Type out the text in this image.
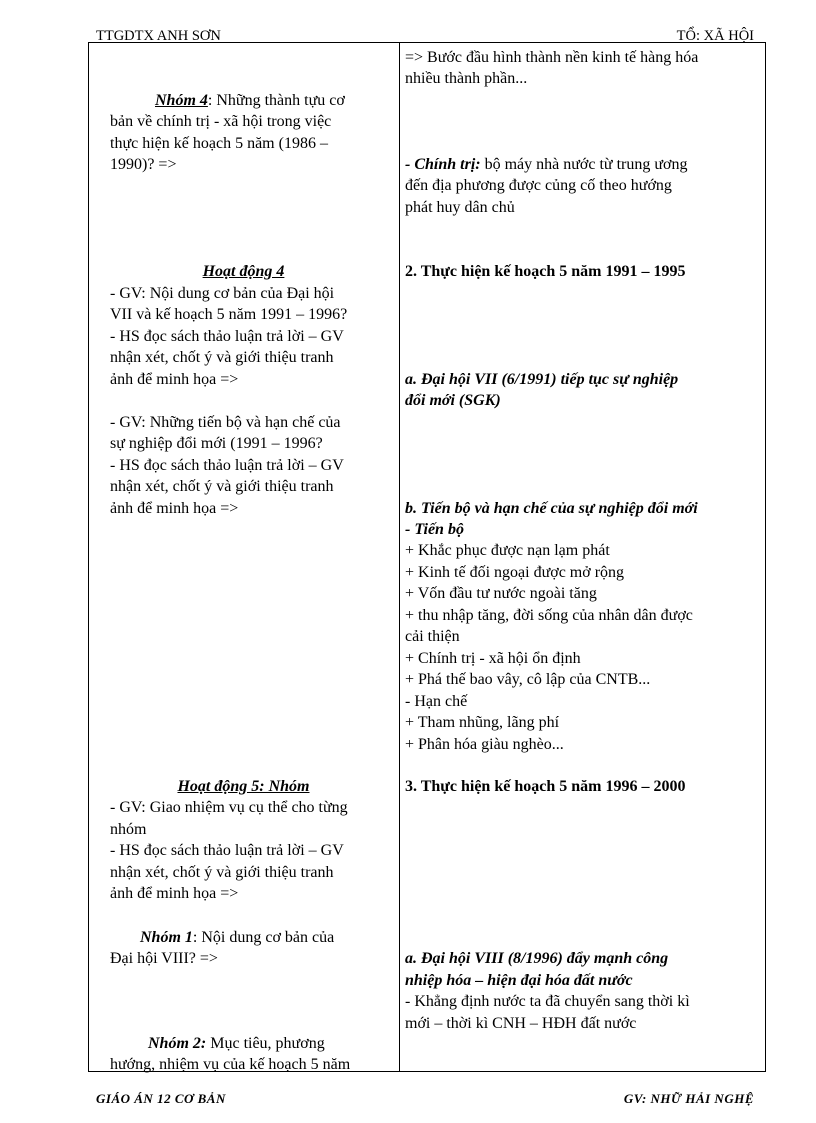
TTGDTX ANH SƠN	TỔ: XÃ HỘI
Nhóm 4: Những thành tựu cơ
bản về chính trị - xã hội trong việc
thực hiện kế hoạch 5 năm (1986 –
1990)? =>
Hoạt động 4
- GV: Nội dung cơ bản của Đại hội
VII và kế hoạch 5 năm 1991 – 1996?
- HS đọc sách thảo luận trả lời – GV
nhận xét, chốt ý và giới thiệu tranh
ảnh để minh họa =>
- GV: Những tiến bộ và hạn chế của
sự nghiệp đổi mới (1991 – 1996?
- HS đọc sách thảo luận trả lời – GV
nhận xét, chốt ý và giới thiệu tranh
ảnh để minh họa =>
Hoạt động 5: Nhóm
- GV: Giao nhiệm vụ cụ thể cho từng
nhóm
- HS đọc sách thảo luận trả lời – GV
nhận xét, chốt ý và giới thiệu tranh
ảnh để minh họa =>
Nhóm 1: Nội dung cơ bản của
Đại hội VIII? =>
Nhóm 2: Mục tiêu, phương
hướng, nhiệm vụ của kế hoạch 5 năm
=> Bước đầu hình thành nền kinh tế hàng hóa
nhiều thành phần...
- Chính trị: bộ máy nhà nước từ trung ương
đến địa phương được củng cố theo hướng
phát huy dân chủ
2. Thực hiện kế hoạch 5 năm 1991 – 1995
a. Đại hội VII (6/1991) tiếp tục sự nghiệp
đổi mới (SGK)
b. Tiến bộ và hạn chế của sự nghiệp đổi mới
- Tiến bộ
+ Khắc phục được nạn lạm phát
+ Kinh tế đối ngoại được mở rộng
+ Vốn đầu tư nước ngoài tăng
+ thu nhập tăng, đời sống của nhân dân được
cải thiện
+ Chính trị - xã hội ổn định
+ Phá thế bao vây, cô lập của CNTB...
- Hạn chế
+ Tham nhũng, lãng phí
+ Phân hóa giàu nghèo...
3. Thực hiện kế hoạch 5 năm 1996 – 2000
a. Đại hội VIII (8/1996) đẩy mạnh công
nhiệp hóa – hiện đại hóa đất nước
- Khẳng định nước ta đã chuyển sang thời kì
mới – thời kì CNH – HĐH đất nước
GIÁO ÁN 12 CƠ BẢN	GV: NHỮ HẢI NGHỆ
